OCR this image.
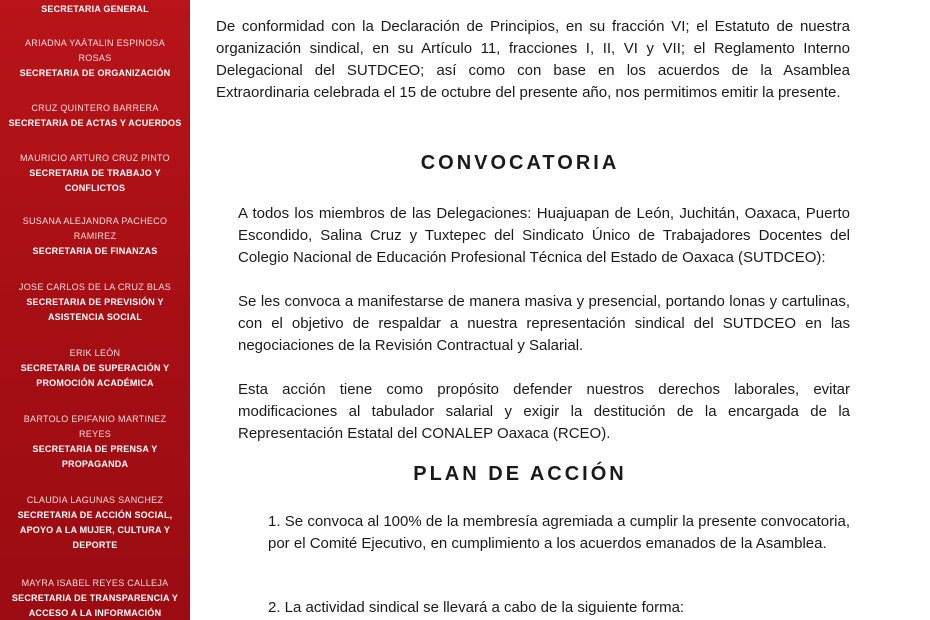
SECRETARIA GENERAL
ARIADNA YAÁTALIN ESPINOSA
ROSAS
SECRETARIA DE ORGANIZACIÓN
CRUZ QUINTERO BARRERA
SECRETARIA DE ACTAS Y ACUERDOS
MAURICIO ARTURO CRUZ PINTO
SECRETARIA DE TRABAJO Y
CONFLICTOS
SUSANA ALEJANDRA PACHECO
RAMIREZ
SECRETARIA DE FINANZAS
JOSE CARLOS DE LA CRUZ BLAS
SECRETARIA DE PREVISIÓN Y
ASISTENCIA SOCIAL
ERIK LEÓN
SECRETARIA DE SUPERACIÓN Y
PROMOCIÓN ACADÉMICA
BARTOLO EPIFANIO MARTINEZ
REYES
SECRETARIA DE PRENSA Y
PROPAGANDA
CLAUDIA LAGUNAS SANCHEZ
SECRETARIA DE ACCIÓN SOCIAL,
APOYO A LA MUJER, CULTURA Y
DEPORTE
MAYRA ISABEL REYES CALLEJA
SECRETARIA DE TRANSPARENCIA Y
ACCESO A LA INFORMACIÓN

De conformidad con la Declaración de Principios, en su fracción VI; el Estatuto de nuestra organización sindical, en su Artículo 11, fracciones I, II, VI y VII; el Reglamento Interno Delegacional del SUTDCEO; así como con base en los acuerdos de la Asamblea Extraordinaria celebrada el 15 de octubre del presente año, nos permitimos emitir la presente.

CONVOCATORIA

A todos los miembros de las Delegaciones: Huajuapan de León, Juchitán, Oaxaca, Puerto Escondido, Salina Cruz y Tuxtepec del Sindicato Único de Trabajadores Docentes del Colegio Nacional de Educación Profesional Técnica del Estado de Oaxaca (SUTDCEO):

Se les convoca a manifestarse de manera masiva y presencial, portando lonas y cartulinas, con el objetivo de respaldar a nuestra representación sindical del SUTDCEO en las negociaciones de la Revisión Contractual y Salarial.

Esta acción tiene como propósito defender nuestros derechos laborales, evitar modificaciones al tabulador salarial y exigir la destitución de la encargada de la Representación Estatal del CONALEP Oaxaca (RCEO).

PLAN DE ACCIÓN

1. Se convoca al 100% de la membresía agremiada a cumplir la presente convocatoria, por el Comité Ejecutivo, en cumplimiento a los acuerdos emanados de la Asamblea.

2. La actividad sindical se llevará a cabo de la siguiente forma:
